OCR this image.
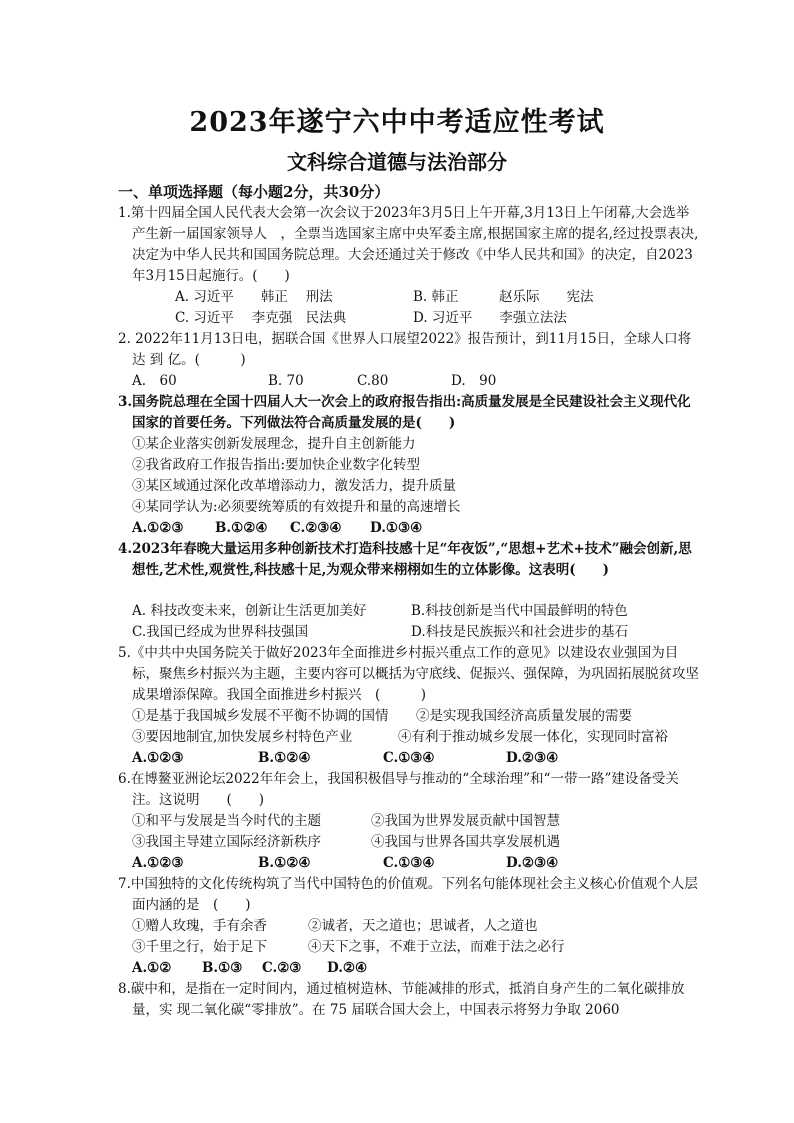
2023年遂宁六中中考适应性考试
文科综合道德与法治部分
一、单项选择题（每小题2分，共30分）
1.第十四届全国人民代表大会第一次会议于2023年3月5日上午开幕,3月13日上午闭幕,大会选举产生新一届国家领导人　，全票当选国家主席中央军委主席,根据国家主席的提名,经过投票表决,决定为中华人民共和国国务院总理。大会还通过关于修改《中华人民共和国》的决定，自2023年3月15日起施行。(　　)
A. 习近平　　韩正　 刑法	B. 韩正　　　赵乐际　　宪法
C. 习近平　 李克强　民法典	D. 习近平　　李强立法法
2. 2022年11月13日电，据联合国《世界人口展望2022》报告预计，到11月15日，全球人口将达 到 亿。(　　　)
A.　60	B. 70	C.80	D.　90
3.国务院总理在全国十四届人大一次会上的政府报告指出:高质量发展是全民建设社会主义现代化国家的首要任务。下列做法符合高质量发展的是(　　)
①某企业落实创新发展理念，提升自主创新能力
②我省政府工作报告指出:要加快企业数字化转型
③某区域通过深化改革增添动力，激发活力，提升质量
④某同学认为:必须要统筹质的有效提升和量的高速增长
A.①②③ B.①②④ C.②③④ D.①③④
4.2023年春晚大量运用多种创新技术打造科技感十足“年夜饭”,“思想+艺术+技术”融会创新,思想性,艺术性,观赏性,科技感十足,为观众带来栩栩如生的立体影像。这表明(　　)
A. 科技改变未来，创新让生活更加美好	B.科技创新是当代中国最鲜明的特色
C.我国已经成为世界科技强国	D.科技是民族振兴和社会进步的基石
5.《中共中央国务院关于做好2023年全面推进乡村振兴重点工作的意见》以建设农业强国为目标，聚焦乡村振兴为主题，主要内容可以概括为守底线、促振兴、强保障，为巩固拓展脱贫攻坚成果增添保障。我国全面推进乡村振兴　(　　　)
①是基于我国城乡发展不平衡不协调的国情 ②是实现我国经济高质量发展的需要
③要因地制宜,加快发展乡村特色产业	④有利于推动城乡发展一体化，实现同时富裕
A.①②③	B.①②④	C.①③④	D.②③④
6.在博鳌亚洲论坛2022年年会上，我国积极倡导与推动的“全球治理”和“一带一路”建设备受关注。这说明　　(　　)
①和平与发展是当今时代的主题	②我国为世界发展贡献中国智慧
③我国主导建立国际经济新秩序	④我国与世界各国共享发展机遇
A.①②③	B.①②④	C.①③④	D.②③④
7.中国独特的文化传统构筑了当代中国特色的价值观。下列名句能体现社会主义核心价值观个人层面内涵的是　(　　)
①赠人玫瑰，手有余香	②诚者，天之道也；思诚者，人之道也
③千里之行，始于足下	④天下之事，不难于立法，而难于法之必行
A.①② B.①③ C.②③ D.②④
8.碳中和，是指在一定时间内，通过植树造林、节能减排的形式，抵消自身产生的二氧化碳排放量，实 现二氧化碳“零排放”。在 75 届联合国大会上，中国表示将努力争取 2060
